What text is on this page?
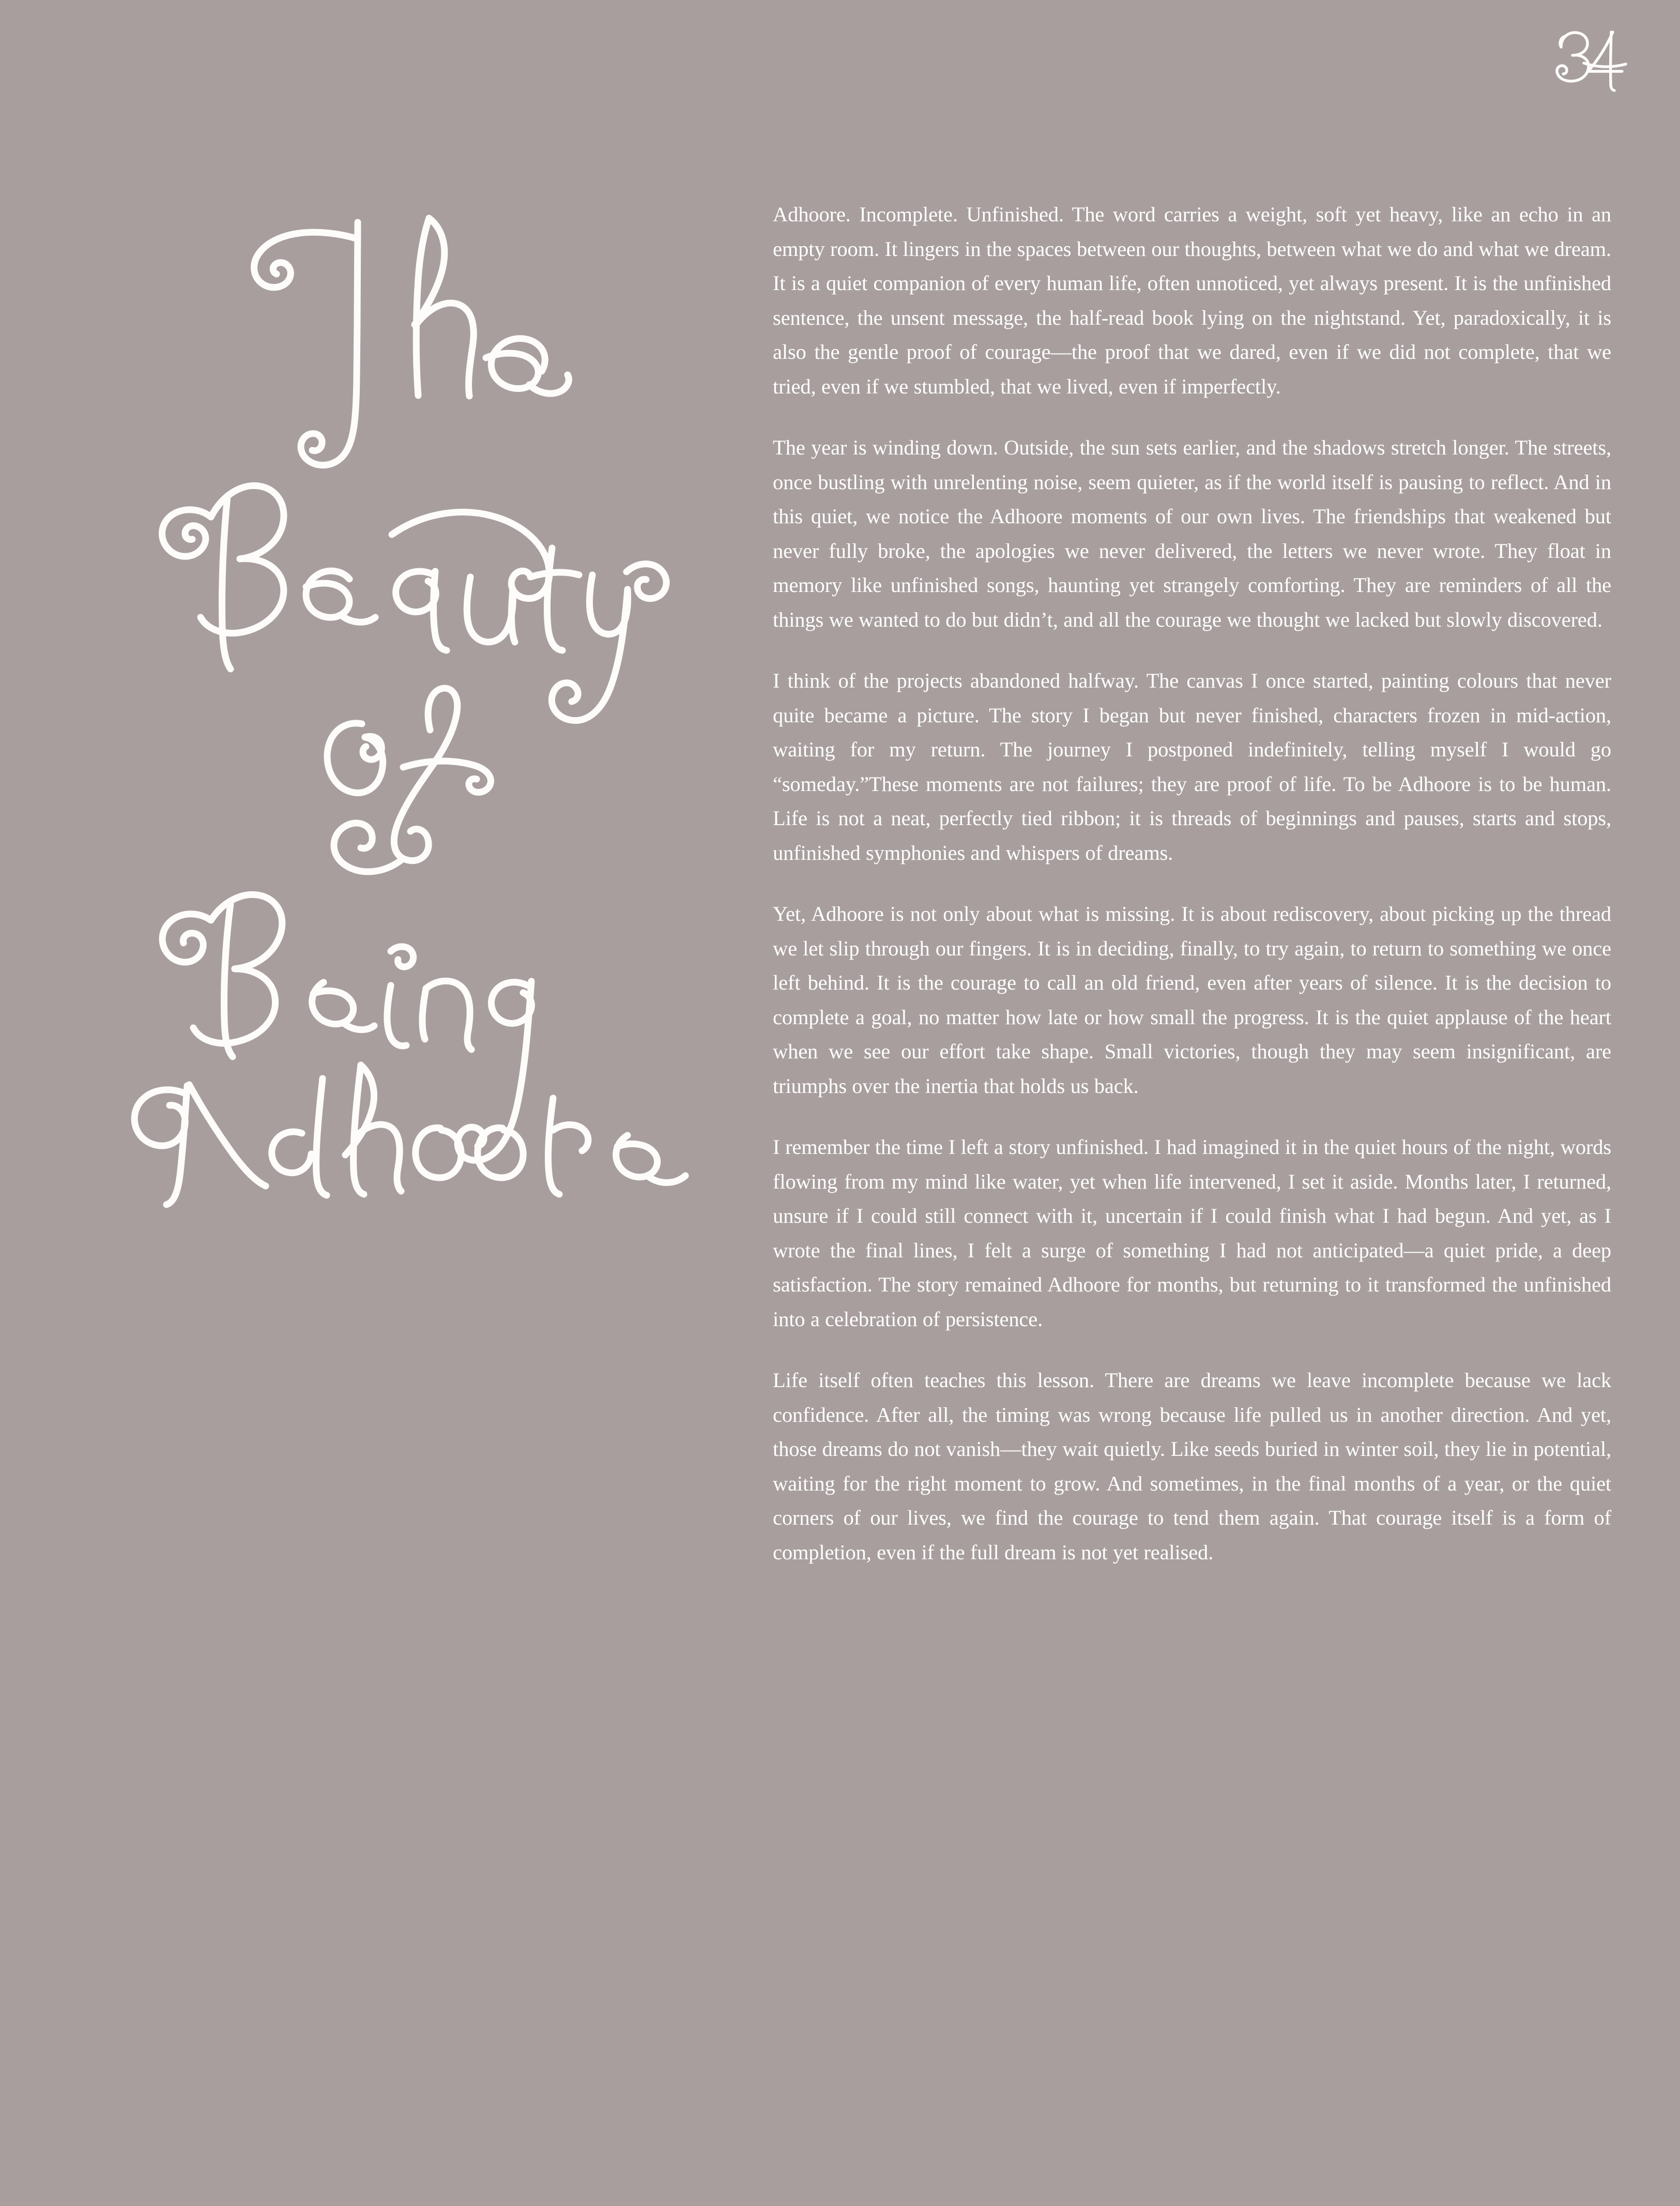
Adhoore. Incomplete. Unfinished. The word carries a weight, soft yet heavy, like an echo in an empty room. It lingers in the spaces between our thoughts, between what we do and what we dream. It is a quiet companion of every human life, often unnoticed, yet always present. It is the unfinished sentence, the unsent message, the half-read book lying on the nightstand. Yet, paradoxically, it is also the gentle proof of courage—the proof that we dared, even if we did not complete, that we tried, even if we stumbled, that we lived, even if imperfectly.

The year is winding down. Outside, the sun sets earlier, and the shadows stretch longer. The streets, once bustling with unrelenting noise, seem quieter, as if the world itself is pausing to reflect. And in this quiet, we notice the Adhoore moments of our own lives. The friendships that weakened but never fully broke, the apologies we never delivered, the letters we never wrote. They float in memory like unfinished songs, haunting yet strangely comforting. They are reminders of all the things we wanted to do but didn’t, and all the courage we thought we lacked but slowly discovered.

I think of the projects abandoned halfway. The canvas I once started, painting colours that never quite became a picture. The story I began but never finished, characters frozen in mid-action, waiting for my return. The journey I postponed indefinitely, telling myself I would go “someday.”These moments are not failures; they are proof of life. To be Adhoore is to be human. Life is not a neat, perfectly tied ribbon; it is threads of beginnings and pauses, starts and stops, unfinished symphonies and whispers of dreams.

Yet, Adhoore is not only about what is missing. It is about rediscovery, about picking up the thread we let slip through our fingers. It is in deciding, finally, to try again, to return to something we once left behind. It is the courage to call an old friend, even after years of silence. It is the decision to complete a goal, no matter how late or how small the progress. It is the quiet applause of the heart when we see our effort take shape. Small victories, though they may seem insignificant, are triumphs over the inertia that holds us back.

I remember the time I left a story unfinished. I had imagined it in the quiet hours of the night, words flowing from my mind like water, yet when life intervened, I set it aside. Months later, I returned, unsure if I could still connect with it, uncertain if I could finish what I had begun. And yet, as I wrote the final lines, I felt a surge of something I had not anticipated—a quiet pride, a deep satisfaction. The story remained Adhoore for months, but returning to it transformed the unfinished into a celebration of persistence.

Life itself often teaches this lesson. There are dreams we leave incomplete because we lack confidence. After all, the timing was wrong because life pulled us in another direction. And yet, those dreams do not vanish—they wait quietly. Like seeds buried in winter soil, they lie in potential, waiting for the right moment to grow. And sometimes, in the final months of a year, or the quiet corners of our lives, we find the courage to tend them again. That courage itself is a form of completion, even if the full dream is not yet realised.
